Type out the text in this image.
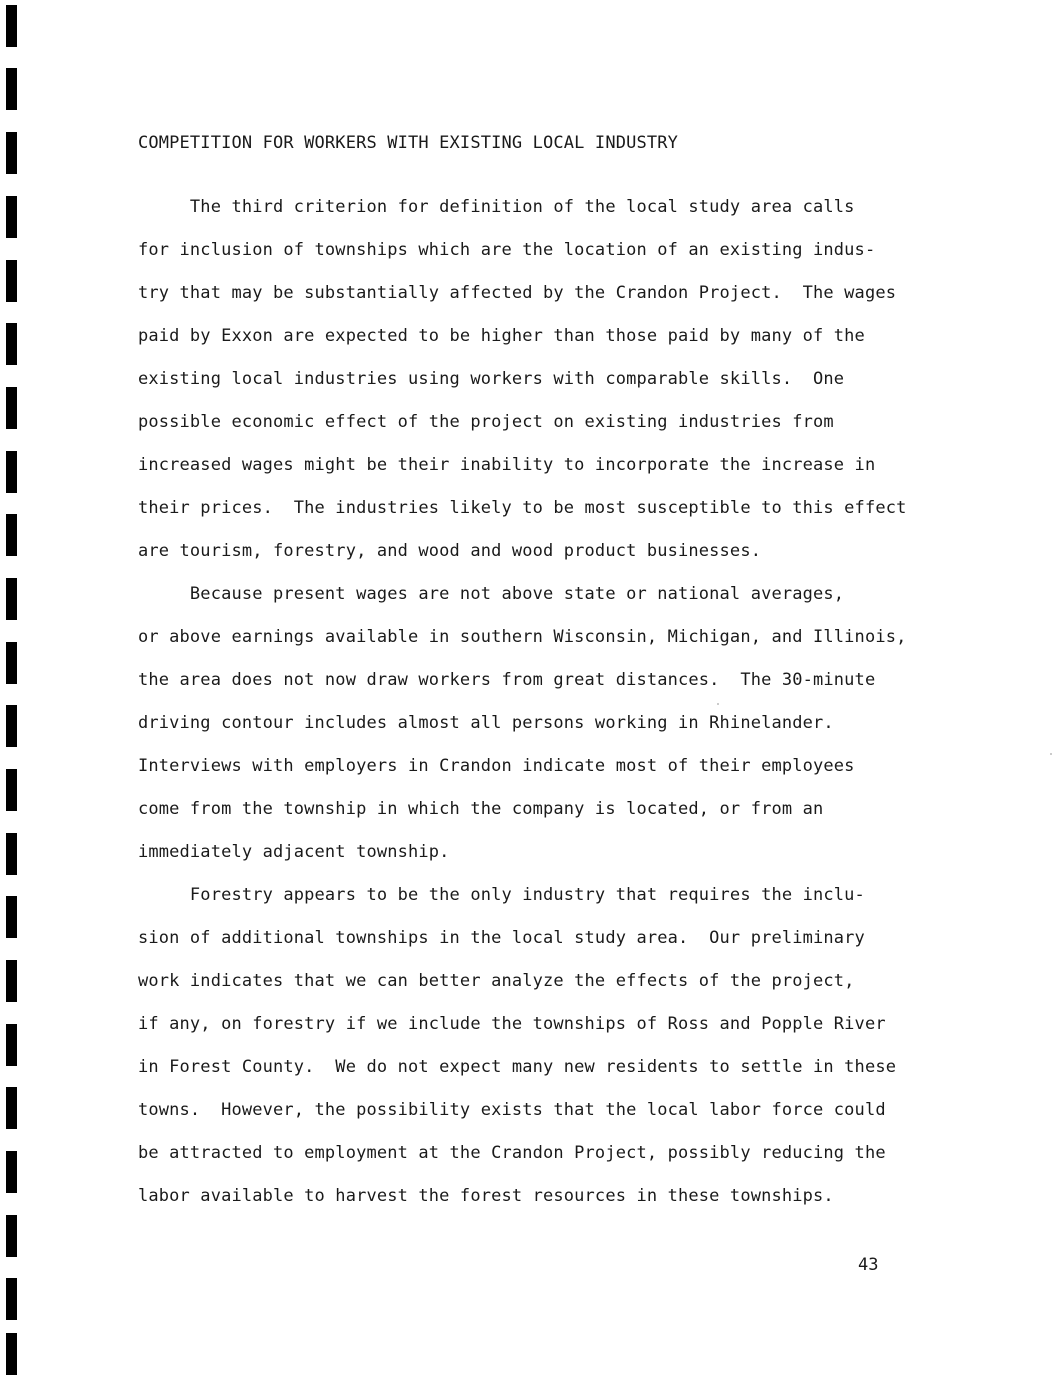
COMPETITION FOR WORKERS WITH EXISTING LOCAL INDUSTRY
The third criterion for definition of the local study area calls
for inclusion of townships which are the location of an existing indus-
try that may be substantially affected by the Crandon Project.  The wages
paid by Exxon are expected to be higher than those paid by many of the
existing local industries using workers with comparable skills.  One
possible economic effect of the project on existing industries from
increased wages might be their inability to incorporate the increase in
their prices.  The industries likely to be most susceptible to this effect
are tourism, forestry, and wood and wood product businesses.
Because present wages are not above state or national averages,
or above earnings available in southern Wisconsin, Michigan, and Illinois,
the area does not now draw workers from great distances.  The 30-minute
driving contour includes almost all persons working in Rhinelander.
Interviews with employers in Crandon indicate most of their employees
come from the township in which the company is located, or from an
immediately adjacent township.
Forestry appears to be the only industry that requires the inclu-
sion of additional townships in the local study area.  Our preliminary
work indicates that we can better analyze the effects of the project,
if any, on forestry if we include the townships of Ross and Popple River
in Forest County.  We do not expect many new residents to settle in these
towns.  However, the possibility exists that the local labor force could
be attracted to employment at the Crandon Project, possibly reducing the
labor available to harvest the forest resources in these townships.
43
